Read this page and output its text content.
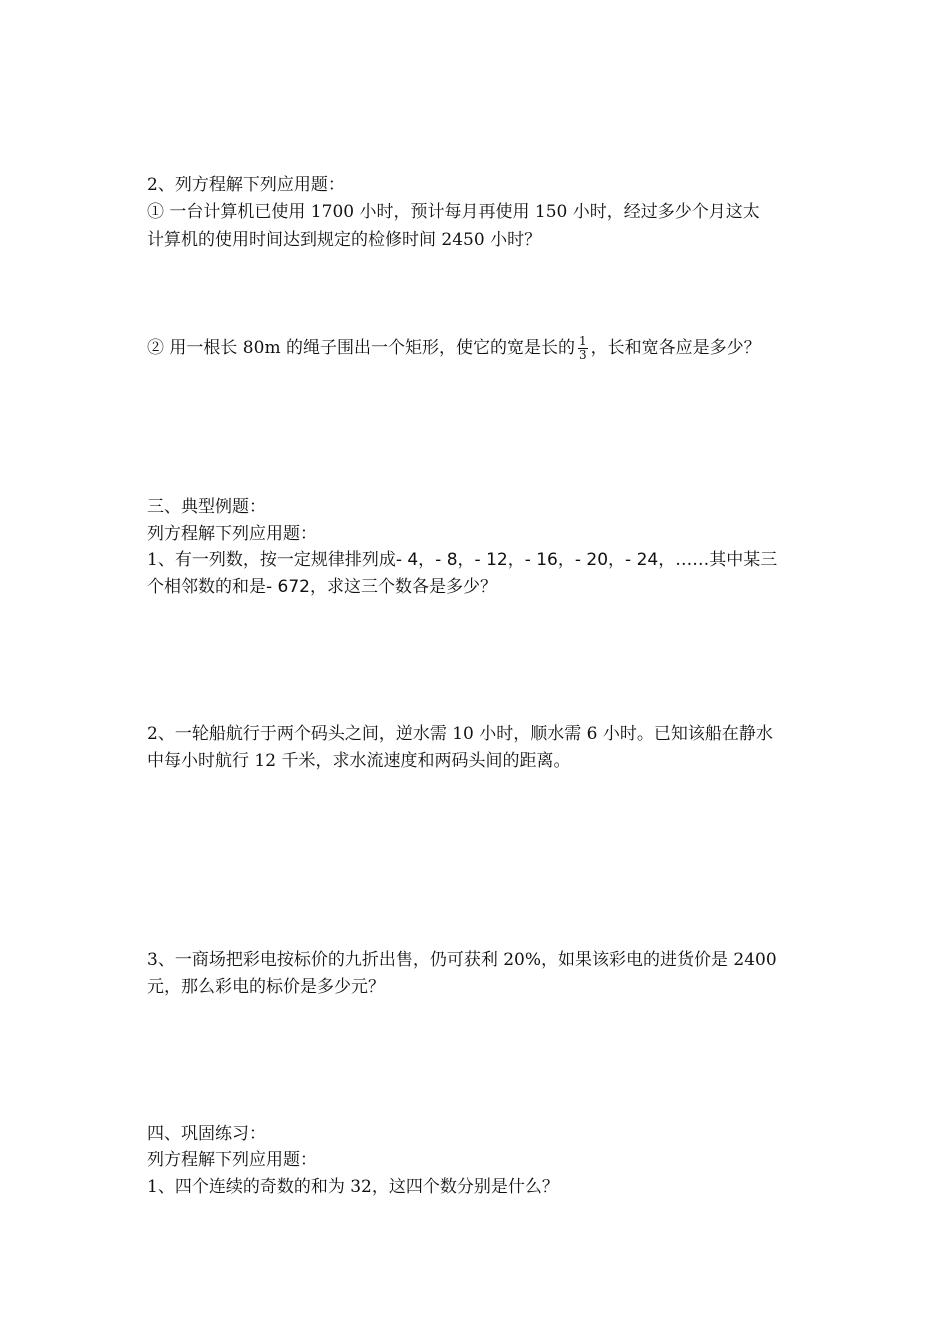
2、列方程解下列应用题：
① 一台计算机已使用 1700 小时，预计每月再使用 150 小时，经过多少个月这太
计算机的使用时间达到规定的检修时间 2450 小时？
② 用一根长 80m 的绳子围出一个矩形，使它的宽是长的 $\frac{1}{3}$ ，长和宽各应是多少？
三、典型例题：
列方程解下列应用题：
1、有一列数，按一定规律排列成- 4，- 8，- 12，- 16，- 20，- 24，……其中某三
个相邻数的和是- 672，求这三个数各是多少？
2、一轮船航行于两个码头之间，逆水需 10 小时，顺水需 6 小时。已知该船在静水
中每小时航行 12 千米，求水流速度和两码头间的距离。
3、一商场把彩电按标价的九折出售，仍可获利 20%，如果该彩电的进货价是 2400
元，那么彩电的标价是多少元？
四、巩固练习：
列方程解下列应用题：
1、四个连续的奇数的和为 32，这四个数分别是什么？
